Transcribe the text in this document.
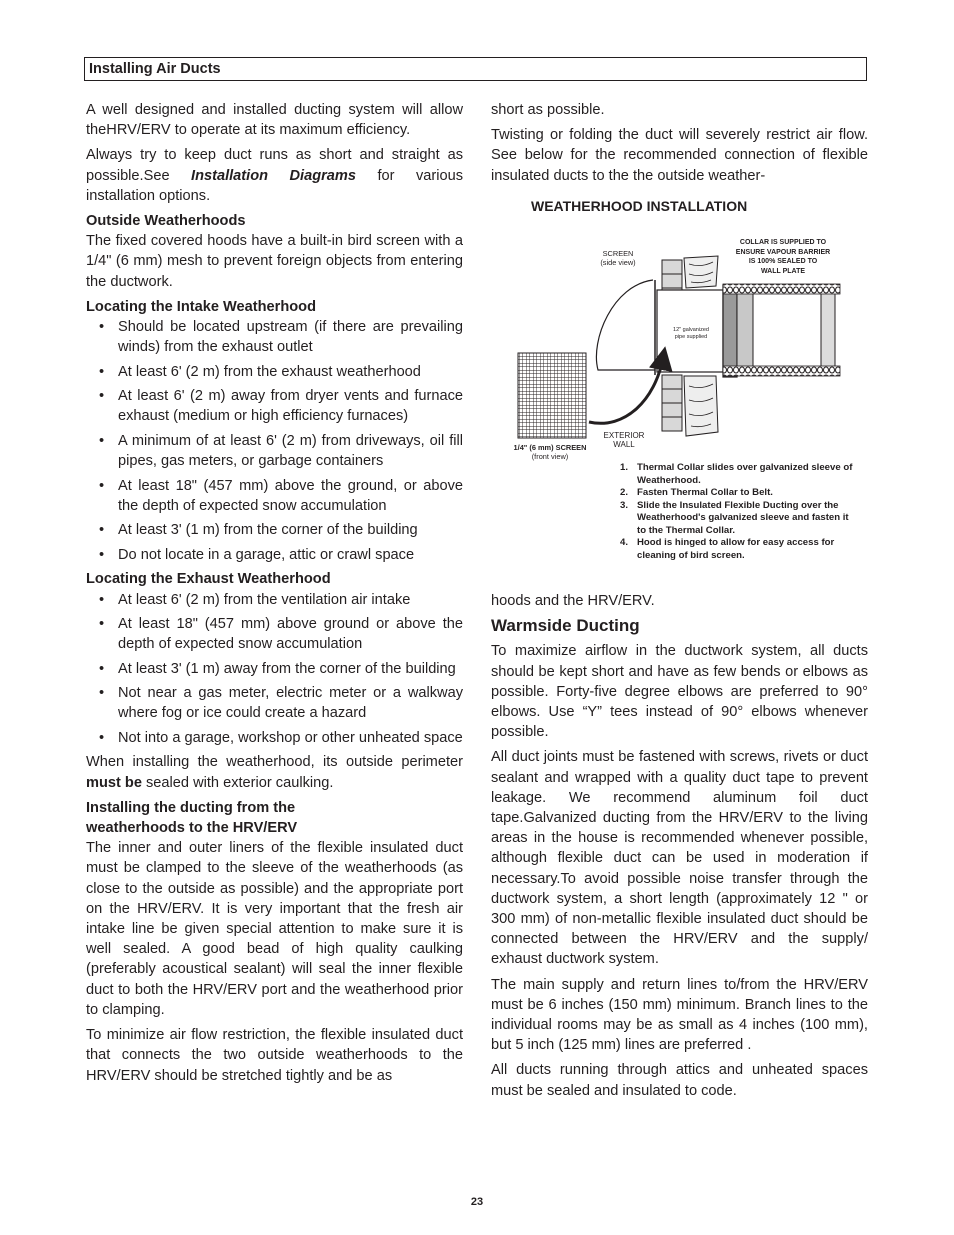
Installing Air Ducts

A well designed and installed ducting system will allow theHRV/ERV to operate at its maximum efficiency.

Always try to keep duct runs as short and straight as possible.See Installation Diagrams for various installation options.

Outside Weatherhoods

The fixed covered hoods have a built-in bird screen with a 1/4" (6 mm) mesh to prevent foreign objects from entering the ductwork.

Locating the Intake Weatherhood
• Should be located upstream (if there are prevailing winds) from the exhaust outlet
• At least 6' (2 m) from the exhaust weatherhood
• At least 6' (2 m) away from dryer vents and furnace exhaust (medium or high efficiency furnaces)
• A minimum of at least 6' (2 m) from driveways, oil fill pipes, gas meters, or garbage containers
• At least 18" (457 mm) above the ground, or above the depth of expected snow accumulation
• At least 3' (1 m) from the corner of the building
• Do not locate in a garage, attic or crawl space
Locating the Exhaust Weatherhood
• At least 6' (2 m) from the ventilation air intake
• At least 18" (457 mm) above ground or above the depth of expected snow accumulation
• At least 3' (1 m) away from the corner of the building
• Not near a gas meter, electric meter or a walkway where fog or ice could create a hazard
• Not into a garage, workshop or other unheated space

When installing the weatherhood, its outside perimeter must be sealed with exterior caulking.

Installing the ducting from the
weatherhoods to the HRV/ERV

The inner and outer liners of the flexible insulated duct must be clamped to the sleeve of the weatherhoods (as close to the outside as possible) and the appropriate port on the HRV/ERV. It is very important that the fresh air intake line be given special attention to make sure it is well sealed. A good bead of high quality caulking (preferably acoustical sealant) will seal the inner flexible duct to both the HRV/ERV port and the weatherhood prior to clamping.

To minimize air flow restriction, the flexible insulated duct that connects the two outside weatherhoods to the HRV/ERV should be stretched tightly and be as

short as possible.

Twisting or folding the duct will severely restrict air flow. See below for the recommended connection of flexible insulated ducts to the the outside weather-

WEATHERHOOD INSTALLATION
SCREEN
(side view)
COLLAR IS SUPPLIED TO
ENSURE VAPOUR BARRIER
IS 100% SEALED TO
WALL PLATE
12" galvanized
pipe supplied
EXTERIOR
WALL
1/4" (6 mm) SCREEN
(front view)
1. Thermal Collar slides over galvanized sleeve of Weatherhood.
2. Fasten Thermal Collar to Belt.
3. Slide the Insulated Flexible Ducting over the Weatherhood's galvanized sleeve and fasten it to the Thermal Collar.
4. Hood is hinged to allow for easy access for cleaning of bird screen.

hoods and the HRV/ERV.

Warmside Ducting

To maximize airflow in the ductwork system, all ducts should be kept short and have as few bends or elbows as possible. Forty-five degree elbows are preferred to 90° elbows. Use “Y” tees instead of 90° elbows whenever possible.

All duct joints must be fastened with screws, rivets or duct sealant and wrapped with a quality duct tape to prevent leakage. We recommend aluminum foil duct tape.Galvanized ducting from the HRV/ERV to the living areas in the house is recommended whenever possible, although flexible duct can be used in moderation if necessary.To avoid possible noise transfer through the ductwork system, a short length (approximately 12 " or 300 mm) of non-metallic flexible insulated duct should be connected between the HRV/ERV and the supply/ exhaust ductwork system.

The main supply and return lines to/from the HRV/ERV must be 6 inches (150 mm) minimum. Branch lines to the individual rooms may be as small as 4 inches (100 mm), but 5 inch (125 mm) lines are preferred .

All ducts running through attics and unheated spaces must be sealed and insulated to code.

23
